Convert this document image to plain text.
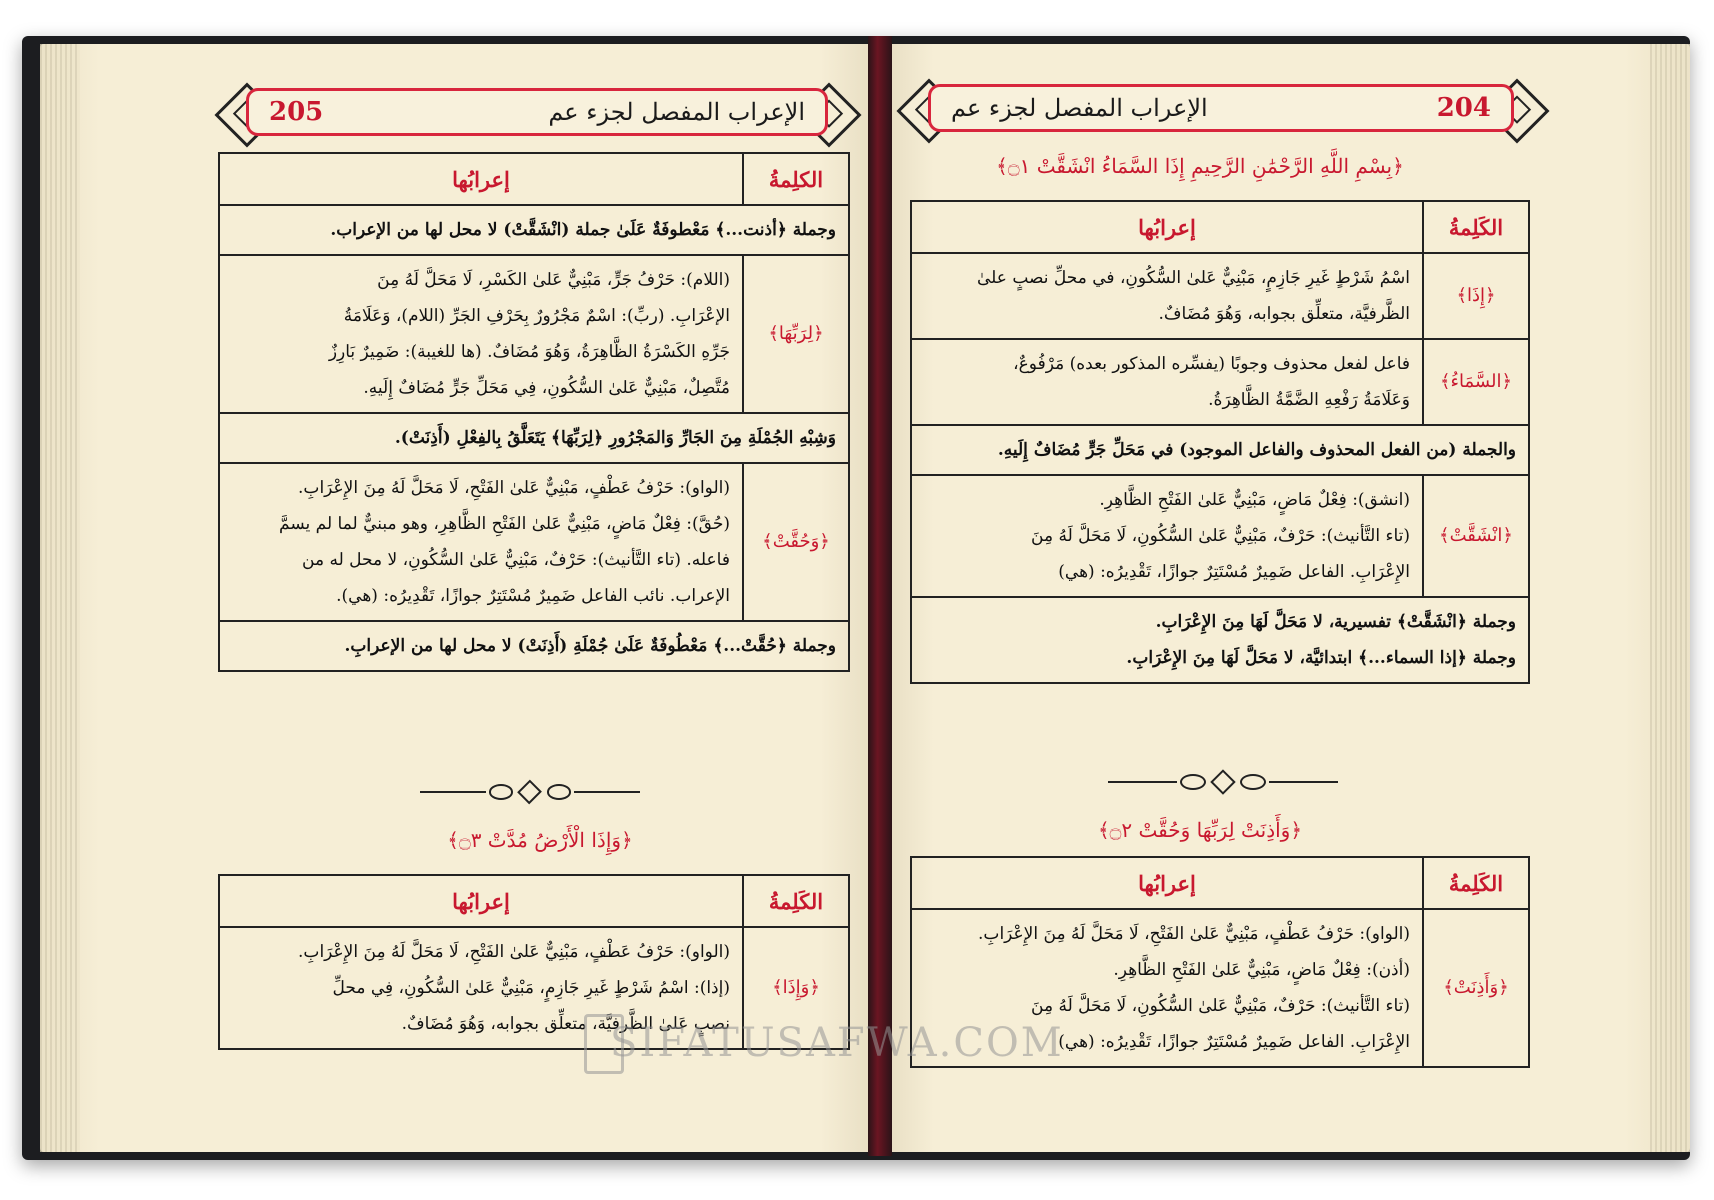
205	الإعراب المفصل لجزء عم
الكلِمةُ	إعرابُها
وجملة ﴿أذنت...﴾ مَعْطوفَةٌ عَلَىٰ جملة (انْشَقَّتْ) لا محل لها من الإعراب.	
﴿لِرَبِّهَا﴾	(اللام): حَرْفُ جَرٍّ، مَبْنِيٌّ عَلىٰ الكَسْرِ، لَا مَحَلَّ لَهُ مِنَ
الإعْرَابِ. (ربِّ): اسْمٌ مَجْرُورٌ بِحَرْفِ الجَرِّ (اللام)، وَعَلَامَةُ
جَرِّهِ الكَسْرَةُ الظَّاهِرَةُ، وَهُوَ مُضَافٌ. (ها للغيبة): ضَمِيرٌ بَارِزٌ
مُتَّصِلٌ، مَبْنِيٌّ عَلىٰ السُّكُونِ، فِي مَحَلِّ جَرٍّ مُضَافٌ إِلَيهِ.

وَشِبْهِ الجُمْلَةِ مِنَ الجَارِّ وَالمَجْرُورِ ﴿لِرَبِّهَا﴾ يَتَعَلَّقُ بِالفِعْلِ (أَذِنَتْ).	
﴿وَحُقَّتْ﴾	(الواو): حَرْفُ عَطْفٍ، مَبْنِيٌّ عَلىٰ الفَتْحِ، لَا مَحَلَّ لَهُ مِنَ الإِعْرَابِ.
(حُقَّ): فِعْلٌ مَاضٍ، مَبْنِيٌّ عَلىٰ الفَتْحِ الظَّاهِرِ، وهو مبنيٌّ لما لم يسمَّ
فاعله. (تاء التَّأنيث): حَرْفٌ، مَبْنِيٌّ عَلىٰ السُّكُونِ، لا محل له من
الإعراب. نائب الفاعل ضَمِيرٌ مُسْتَتِرٌ جوازًا، تَقْدِيرُه: (هي).

وجملة ﴿حُقَّتْ...﴾ مَعْطُوفَةٌ عَلَىٰ جُمْلَةِ (أَذِنَتْ) لا محل لها من الإعرابِ.	
﴿وَإِذَا الْأَرْضُ مُدَّتْ ۝٣﴾
الكَلِمةُ	إعرابُها
﴿وَإِذَا﴾	(الواو): حَرْفُ عَطْفٍ، مَبْنِيٌّ عَلىٰ الفَتْحِ، لَا مَحَلَّ لَهُ مِنَ الإِعْرَابِ.
(إذا): اسْمُ شَرْطٍ غَيرِ جَازِمٍ، مَبْنِيٌّ عَلىٰ السُّكُونِ، فِي محلِّ
نصبٍ عَلىٰ الظَّرفيَّة، متعلِّق بجوابه، وَهُوَ مُضَافٌ.
الإعراب المفصل لجزء عم	204
﴿بِسْمِ اللَّهِ الرَّحْمَٰنِ الرَّحِيمِ إِذَا السَّمَاءُ انْشَقَّتْ ۝١﴾
الكَلِمةُ	إعرابُها
﴿إِذَا﴾	اسْمُ شَرْطٍ غَيرِ جَازِمٍ، مَبْنِيٌّ عَلىٰ السُّكُونِ، في محلِّ نصبٍ علىٰ
الظَّرفيَّة، متعلِّق بجوابه، وَهُوَ مُضَافٌ.

﴿السَّمَاءُ﴾	فاعل لفعل محذوف وجوبًا (يفسِّره المذكور بعده) مَرْفُوعٌ،
وَعَلَامَةُ رَفْعِهِ الضَّمَّةُ الظَّاهِرَةُ.

والجملة (من الفعل المحذوف والفاعل الموجود) في مَحَلِّ جَرٍّ مُضَافٌ إِلَيهِ.	
﴿انْشَقَّتْ﴾	(انشق): فِعْلٌ مَاضٍ، مَبْنِيٌّ عَلىٰ الفَتْحِ الظَّاهِرِ.
(تاء التَّأنيث): حَرْفٌ، مَبْنِيٌّ عَلىٰ السُّكُونِ، لَا مَحَلَّ لَهُ مِنَ
الإِعْرَابِ. الفاعل ضَمِيرٌ مُسْتَتِرٌ جوازًا، تَقْدِيرُه: (هي)

وجملة ﴿انْشَقَّتْ﴾ تفسيرية، لا مَحَلَّ لَهَا مِنَ الإِعْرَابِ.
وجملة ﴿إذا السماء...﴾ ابتدائيَّة، لا مَحَلَّ لَهَا مِنَ الإِعْرَابِ.	
﴿وَأَذِنَتْ لِرَبِّهَا وَحُقَّتْ ۝٢﴾
الكَلِمةُ	إعرابُها
﴿وَأَذِنَتْ﴾	(الواو): حَرْفُ عَطْفٍ، مَبْنِيٌّ عَلىٰ الفَتْحِ، لَا مَحَلَّ لَهُ مِنَ الإِعْرَابِ.
(أذن): فِعْلٌ مَاضٍ، مَبْنِيٌّ عَلىٰ الفَتْحِ الظَّاهِرِ.
(تاء التَّأنيث): حَرْفٌ، مَبْنِيٌّ عَلىٰ السُّكُونِ، لَا مَحَلَّ لَهُ مِنَ
الإِعْرَابِ. الفاعل ضَمِيرٌ مُسْتَتِرٌ جوازًا، تَقْدِيرُه: (هي)
SIFATUSAFWA.COM
